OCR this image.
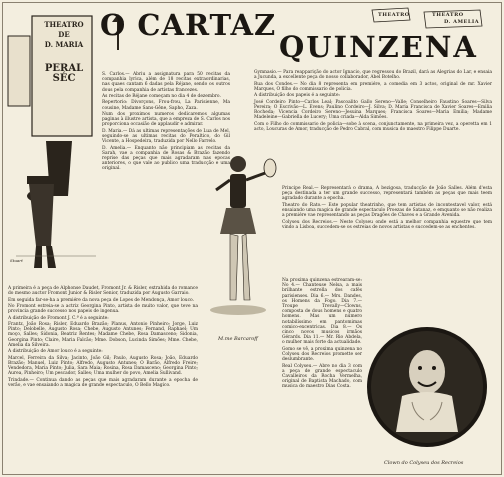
THEATRO DE
D. MARIA
PERAL
SÉC
Stuart
O CARTAZ
QUINZENA
THEATRO	THEATRO
D. AMELIA

S. Carlos.— Abriu a assignatura para 50 recitas da companhia lyrica, além de 18 recitas extraordinarias, nas quaes cantam 6 dadas pela Réjane, sendo os outros dous pela companhia de artistas francezes.

As recitas de Réjane começam no dia 4 de dezembro.

Repertorio: Divorçons, Frou-frou, La Parisienne, Ma cousine, Madame Sans-Gêne, Sapho, Zaza.

Num dos proximos numeros dedicaremos algumas paginas à illustre artista, que a empreza de S. Carlos nos proporciona occasião de applaudir e admirar.

D. Maria.— Dá as ultimas representações de Lua de Mel, seguindo-se as ultimas recitas do Peraltico, do Gil Vicente, a Hospedeira, traduzida por Nello Farrelo.

D. Amelia.— Enquanto não principiam as recitas da Sarah, vae a companhia de Rosas & Brazão fazendo reprise das peças que mais agradaram nas epocas anteriores, o que vale ao publico uma traducção e uma original.

A primeira é a peça de Alphonse Daudet, Fromont Jr. & Risler, extrahida do romance do mesmo auctor Fromont Junior & Risler Senior, traduzida por Augusto Garraio.

Em seguida far-se-ha a premiére da nova peça de Lopes de Mendonça, Amor louco.

No Fromont estreia-se a actriz Georgina Pinto, artista de muito valor, que teve na provincia grande successo nos papeis de ingenua.

A distribuição de Fromont J. C.ª é a seguinte:

Frantz, João Rosa; Risler, Eduardo Brazão; Planus, Antonio Pinheiro; Jorge, Luiz Pinto; Delobelle, Augusto Rosa; Chebe, Augusto Antunes; Fernand, Raphael; Um moço, Salles; Sidonia, Beatriz Rentes; Madame Chebe, Rosa Damasceno; Sidonia, Georgina Pinto; Claire, Maria Falcão; Mme. Dobson, Lucinda Simões; Mme. Chebe, Amelia da Silveira.

A distribuição de Amor louco é a seguinte:

Marcel, Ferreira da Silva; Jacinto, João Gil; Paulo, Augusto Rosa; João, Eduardo Brazão; Manuel, Luiz Pinto; Alfredo, Augusto Antunes; O Barão, Alfredo Freire; Vendedora, Maria Pinto; Julia, Sara Maia; Rosina, Rosa Damasceno; Georgina Pinto; Aurea, Pinheiro; Um pescador, Salles; Uma mulher do povo, Amelia Sullivand.

Trindade.— Continua dando as peças que mais agradaram durante a epocha de verão, e vae ensaiando a magica de grande espectaculo, O Bello Magico.

M.me Barcaroff

Gymnasio.— Para reapparição do actor Ignacio, que regressou do Brazil, dará as Alegrias do Lar, e ensaia a Jucunda, a excellente peça do nosso collaborador, Abel Botelho.

Rua dos Condes.— No dia 8 representa em premiére, a comedia em 3 actos, original de mr. Xavier Marques, O filho do commissario de policia.

A distribuição dos papeis é a seguinte:

José Cordeiro Pinto—Carlos Leal; Pascoalito Gallo Sereno—Valle; Conselheiro Faustino Soares—Silva Pereira; O Escrivão—L. Evens; Paulino Cordeiro—J. Silva; D. Maria Francisca de Xavier Soares—Emilia Rocheda; Vicencia Cordeiro Sereno—Jesuina Marques; Francisca Soares—Maria Emilia; Madame Madeleine—Gabriella de Lucery; Uma criada—Alda Simões.

Com o Filho do commissario de policia—sobe à scena, conjunctamente, na primeira vez, a operetta em 1 acto, Loucuras de Amor, traducção de Pedro Cabral, com musica do maestro Filippe Duarte.

Principe Real.— Representará o drama, A bezigosa, traducção de João Salles. Além d'esta peça destinada a ter um grande successo, representará também as peças que mais teem agradado durante a epocha.

Theatro do Rato.— Este popular theatrinho, que tem artistas de incontestavel valor, está ensaiando uma magica de grande espectaculo Proezas de Satanaz, e emquanto se não realiza a premiére vae representando as peças Dragões de Chaves e a Grande Avenida.

Colyseu dos Recreios.— Neste Colyseu onde está a melhor companhia equestre que tem vindo a Lisboa, succedem-se os estreias de novos artistas e succedem-se as enchentes.

Na proxima quinzena estrearam-se: No 4.— Chanteuse Nelsa, a mais brilhante estrella dos cafés parisienses. Dia 6.— Mrs. Dandes, os Homens da Fogo. Dia 7.— Troupe Trevally—Clowns, composta de dous homens e quatro homens. Mas um número notabilíssimo em pantomimas comico-excentricas. Dia 8.— Os cinco novos musicos irmãos Gérards. Dia 11.— Mr. Rio Abdela, o mulher mais forte da actualidade.

Gomo se vê, a proxima quinzena no Colyseu dos Recreios promette ser deslumbrante.

Real Colyseu.— Abre no dia 3 com a peça de grande espectaculo Cavalleiros da Rocha Vermelha, original de Baptista Machado, com musica do maestro Dias Costa.

Clown do Colyseu dos Recreios
